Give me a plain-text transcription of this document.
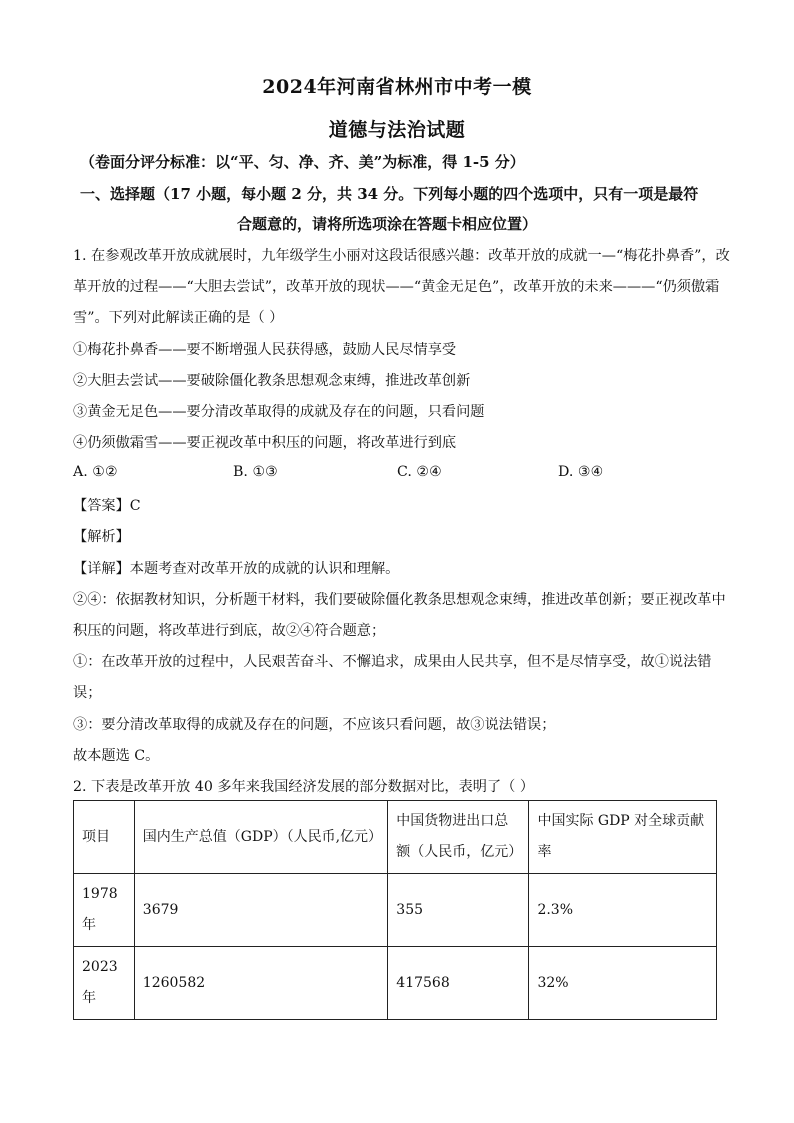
2024年河南省林州市中考一模
道德与法治试题
（卷面分评分标准：以“平、匀、净、齐、美”为标准，得 1-5 分）
一、选择题（17 小题，每小题 2 分，共 34 分。下列每小题的四个选项中，只有一项是最符
合题意的，请将所选项涂在答题卡相应位置）
1. 在参观改革开放成就展时，九年级学生小丽对这段话很感兴趣：改革开放的成就一—“梅花扑鼻香”，改
革开放的过程——“大胆去尝试”，改革开放的现状——“黄金无足色”，改革开放的未来———“仍须傲霜
雪”。下列对此解读正确的是（ ）
①梅花扑鼻香——要不断增强人民获得感，鼓励人民尽情享受
②大胆去尝试——要破除僵化教条思想观念束缚，推进改革创新
③黄金无足色——要分清改革取得的成就及存在的问题，只看问题
④仍须傲霜雪——要正视改革中积压的问题，将改革进行到底
A. ①②	B. ①③	C. ②④	D. ③④
【答案】C
【解析】
【详解】本题考查对改革开放的成就的认识和理解。
②④：依据教材知识，分析题干材料，我们要破除僵化教条思想观念束缚，推进改革创新；要正视改革中
积压的问题，将改革进行到底，故②④符合题意；
①：在改革开放的过程中，人民艰苦奋斗、不懈追求，成果由人民共享，但不是尽情享受，故①说法错
误；
③：要分清改革取得的成就及存在的问题，不应该只看问题，故③说法错误；
故本题选 C。
2. 下表是改革开放 40 多年来我国经济发展的部分数据对比，表明了（ ）
项目	国内生产总值（GDP）（人民币,亿元）	中国货物进出口总额（人民币，亿元）	中国实际 GDP 对全球贡献率
1978年	3679	355	2.3%
2023年	1260582	417568	32%
